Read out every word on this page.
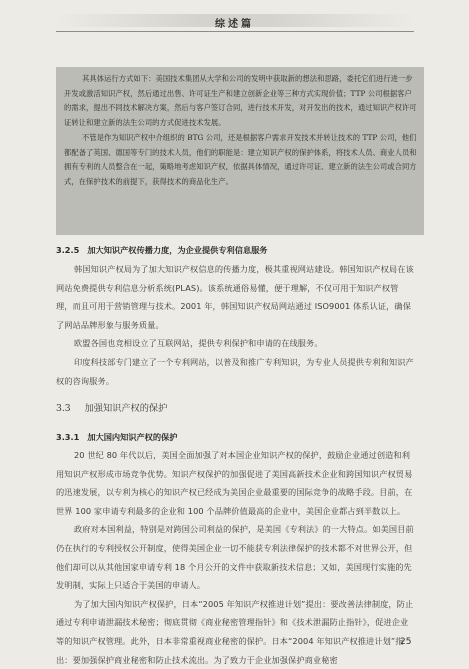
综述篇

其具体运行方式如下：美国技术集团从大学和公司的发明中获取新的想法和思路，委托它们进行进一步开发或激活知识产权，然后通过出售、许可证生产和建立创新企业等三种方式实现价值；TTP 公司根据客户的需求，提出不同技术解决方案，然后与客户签订合同，进行技术开发，对开发出的技术，通过知识产权许可证转让和建立新的法生公司的方式促进技术发展。

不管是作为知识产权中介组织的 BTG 公司，还是根据客户需求开发技术并转让技术的 TTP 公司，他们都配备了英国、德国等专门的技术人员，他们的职能是：建立知识产权的保护体系，将技术人员、商业人员和拥有专利的人员整合在一起，策略地考虑知识产权，依据具体情况，通过许可证、建立新的法生公司或合同方式，在保护技术的前提下，获得技术的商品化生产。

3.2.5 加大知识产权传播力度，为企业提供专利信息服务

韩国知识产权局为了加大知识产权信息的传播力度，极其重视网站建设。韩国知识产权局在该网站免费提供专利信息分析系统(PLAS)。该系统通俗易懂，便于理解，不仅可用于知识产权管理，而且可用于营销管理与技术。2001 年，韩国知识产权局网站通过 ISO9001 体系认证，确保了网站品牌形象与服务质量。

欧盟各国也竞相设立了互联网站，提供专利保护和申请的在线服务。

印度科技部专门建立了一个专利网站，以普及和推广专利知识，为专业人员提供专利和知识产权的咨询服务。

3.3 加强知识产权的保护

3.3.1 加大国内知识产权的保护

20 世纪 80 年代以后，美国全面加强了对本国企业知识产权的保护，鼓励企业通过创造和利用知识产权形成市场竞争优势。知识产权保护的加强促进了美国高新技术企业和跨国知识产权贸易的迅速发展，以专利为核心的知识产权已经成为美国企业最重要的国际竞争的战略手段。目前，在世界 100 家申请专利最多的企业和 100 个品牌价值最高的企业中，美国企业都占到半数以上。

政府对本国利益，特别是对跨国公司利益的保护，是美国《专利法》的一大特点。如美国目前仍在执行的专利授权公开制度，使得美国企业一切不能获专利法律保护的技术都不对世界公开，但他们却可以从其他国家申请专利 18 个月公开的文件中获取新技术信息；又如，美国现行实施的先发明制，实际上只适合于美国的申请人。

为了加大国内知识产权保护，日本“2005 年知识产权推进计划”提出：要改善法律制度，防止通过专利申请泄漏技术秘密；彻底贯彻《商业秘密管理指针》和《技术泄漏防止指针》，促进企业等的知识产权管理。此外，日本非常重视商业秘密的保护。日本“2004 年知识产权推进计划”指出：要加强保护商业秘密和防止技术流出。为了致力于企业加强保护商业秘密

25
